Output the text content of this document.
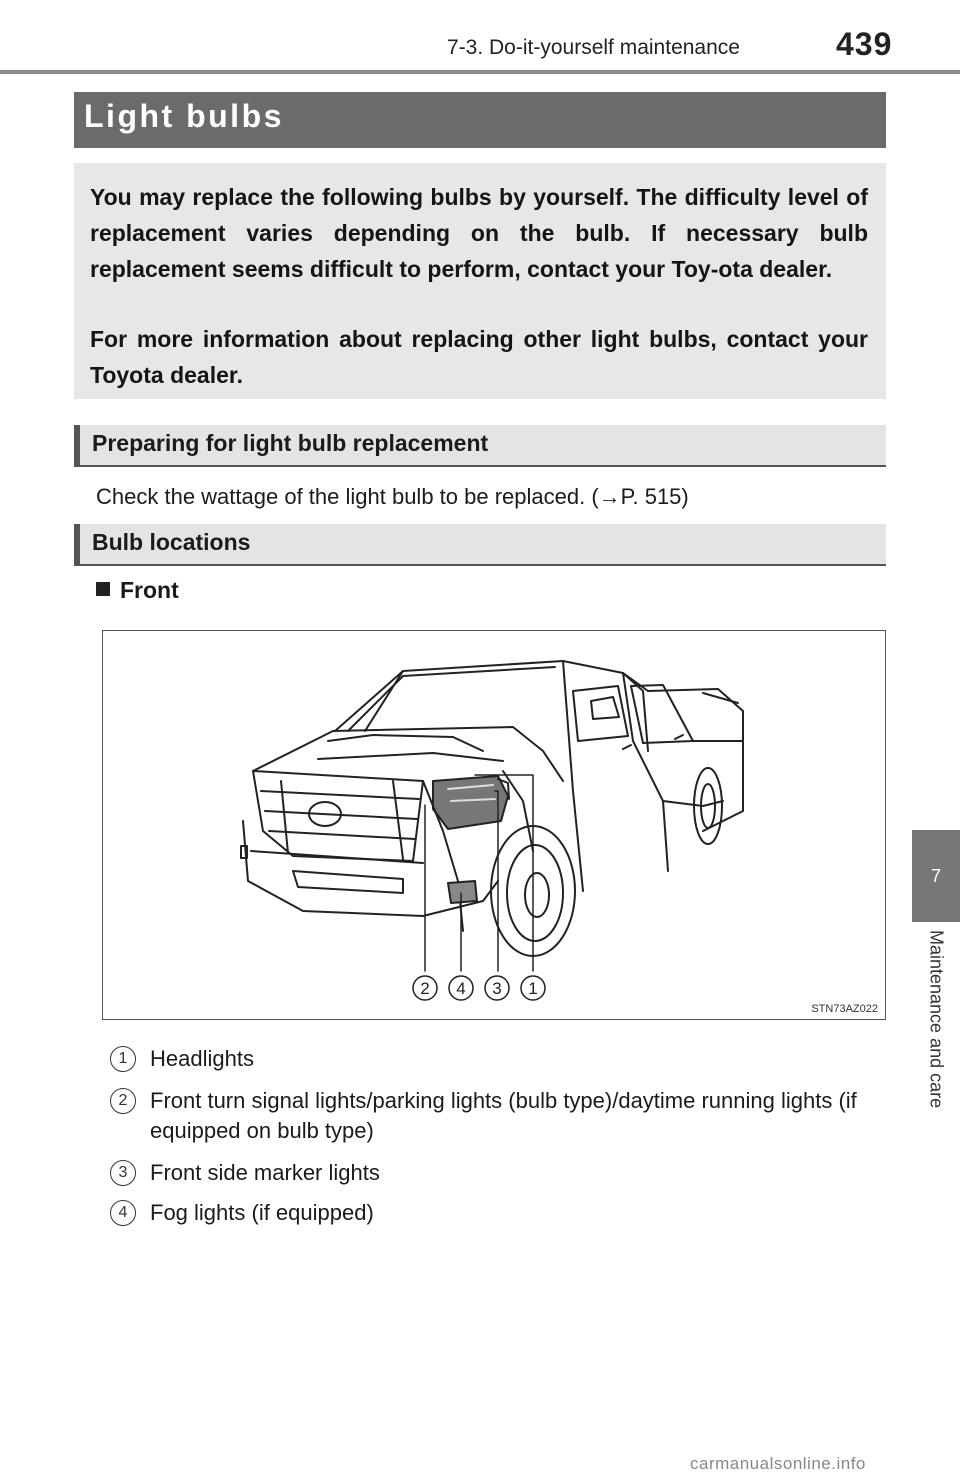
7-3. Do-it-yourself maintenance	439
7
Maintenance and care
Light bulbs

You may replace the following bulbs by yourself. The difficulty level of replacement varies depending on the bulb. If necessary bulb replacement seems difficult to perform, contact your Toy-ota dealer.

For more information about replacing other light bulbs, contact your Toyota dealer.

Preparing for light bulb replacement
Check the wattage of the light bulb to be replaced. (→P. 515)
Bulb locations
Front
2 4 3 1
STN73AZ022
1	Headlights
2	Front turn signal lights/parking lights (bulb type)/daytime running lights (if equipped on bulb type)
3	Front side marker lights
4	Fog lights (if equipped)
carmanualsonline.info
